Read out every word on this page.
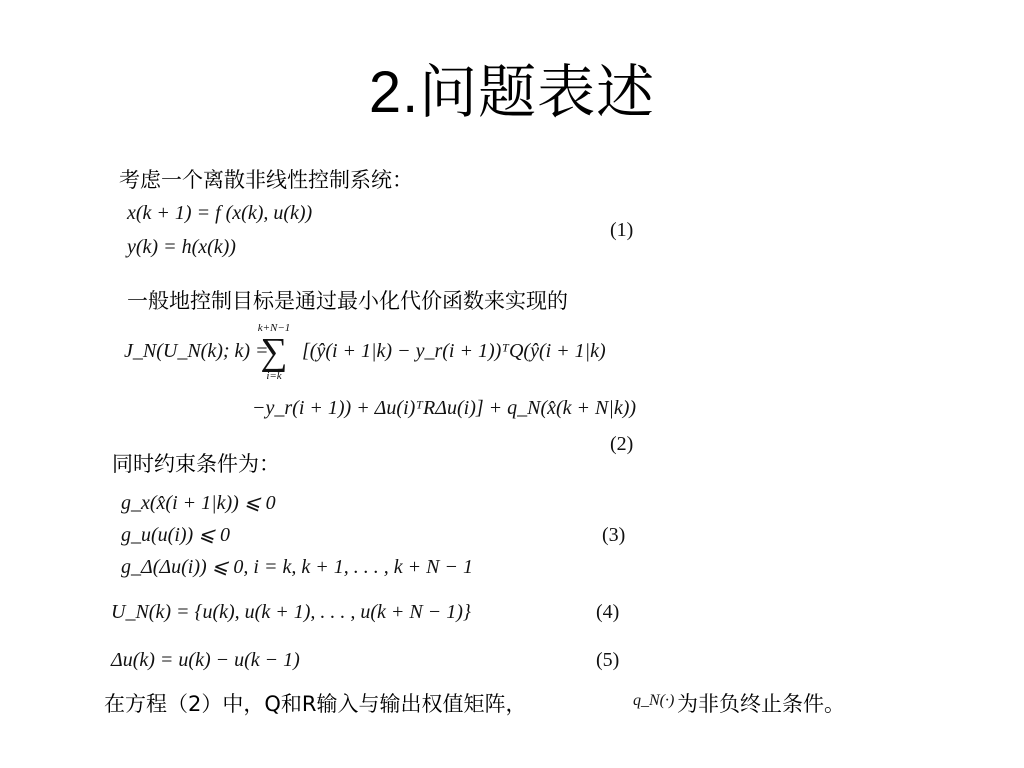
2.问题表述
考虑一个离散非线性控制系统：
x(k + 1) = f (x(k), u(k))
y(k) = h(x(k))
(1)
一般地控制目标是通过最小化代价函数来实现的
J_N(U_N(k); k) =
k+N−1
∑
i=k
[(ŷ(i + 1|k) − y_r(i + 1))ᵀQ(ŷ(i + 1|k)
−y_r(i + 1)) + Δu(i)ᵀRΔu(i)] + q_N(x̂(k + N|k))
(2)
同时约束条件为：
g_x(x̂(i + 1|k)) ⩽ 0
g_u(u(i)) ⩽ 0
g_Δ(Δu(i)) ⩽ 0, i = k, k + 1, . . . , k + N − 1
(3)
U_N(k) = {u(k), u(k + 1), . . . , u(k + N − 1)}	(4)
Δu(k) = u(k) − u(k − 1)	(5)
在方程（2）中，Q和R输入与输出权值矩阵，	q_N(·) 为非负终止条件。
